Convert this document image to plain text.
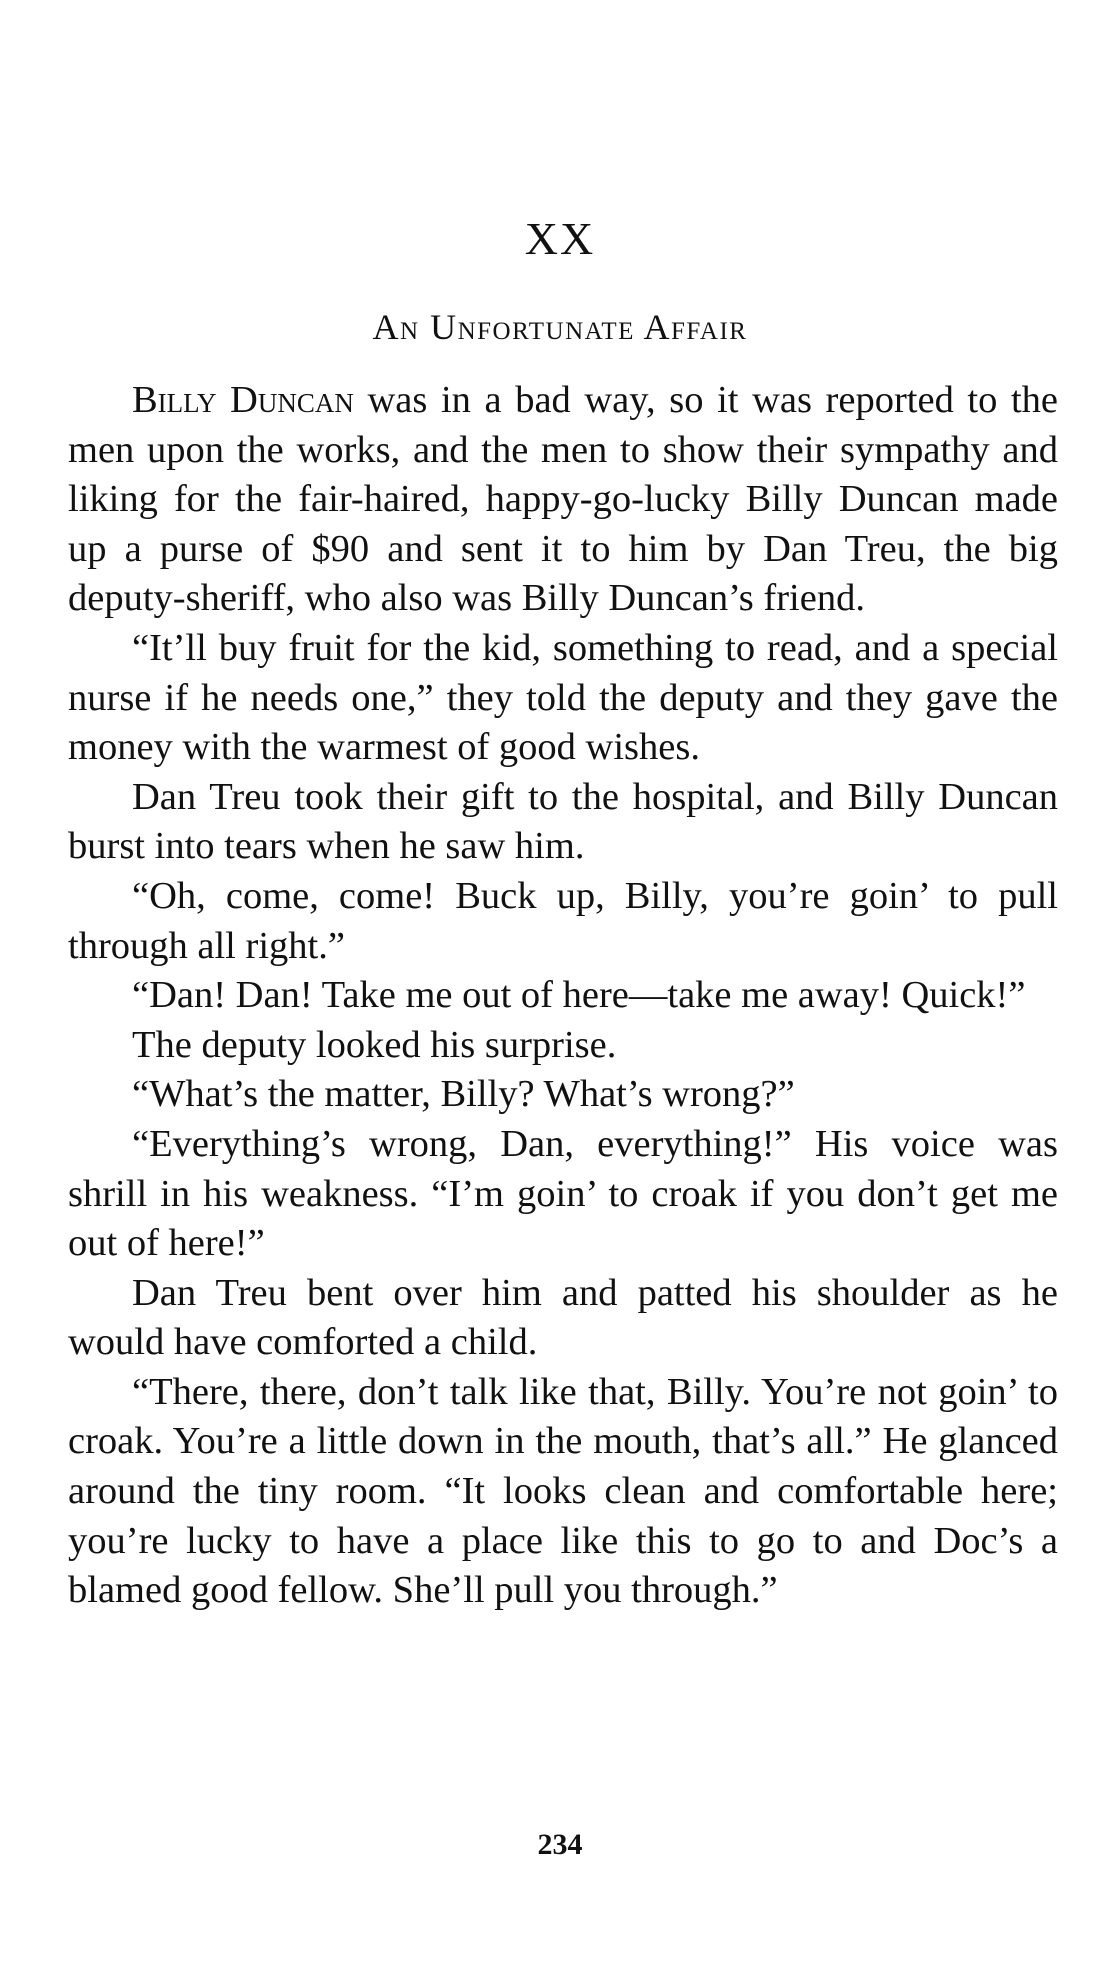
XX
An Unfortunate Affair

Billy Duncan was in a bad way, so it was reported to the men upon the works, and the men to show their sympathy and liking for the fair-haired, happy-go-lucky Billy Duncan made up a purse of $90 and sent it to him by Dan Treu, the big deputy-sheriff, who also was Billy Duncan’s friend.

“It’ll buy fruit for the kid, something to read, and a special nurse if he needs one,” they told the deputy and they gave the money with the warmest of good wishes.

Dan Treu took their gift to the hospital, and Billy Duncan burst into tears when he saw him.

“Oh, come, come! Buck up, Billy, you’re goin’ to pull through all right.”

“Dan! Dan! Take me out of here—take me away! Quick!”

The deputy looked his surprise.

“What’s the matter, Billy? What’s wrong?”

“Everything’s wrong, Dan, everything!” His voice was shrill in his weakness. “I’m goin’ to croak if you don’t get me out of here!”

Dan Treu bent over him and patted his shoulder as he would have comforted a child.

“There, there, don’t talk like that, Billy. You’re not goin’ to croak. You’re a little down in the mouth, that’s all.” He glanced around the tiny room. “It looks clean and comfortable here; you’re lucky to have a place like this to go to and Doc’s a blamed good fellow. She’ll pull you through.”

234
